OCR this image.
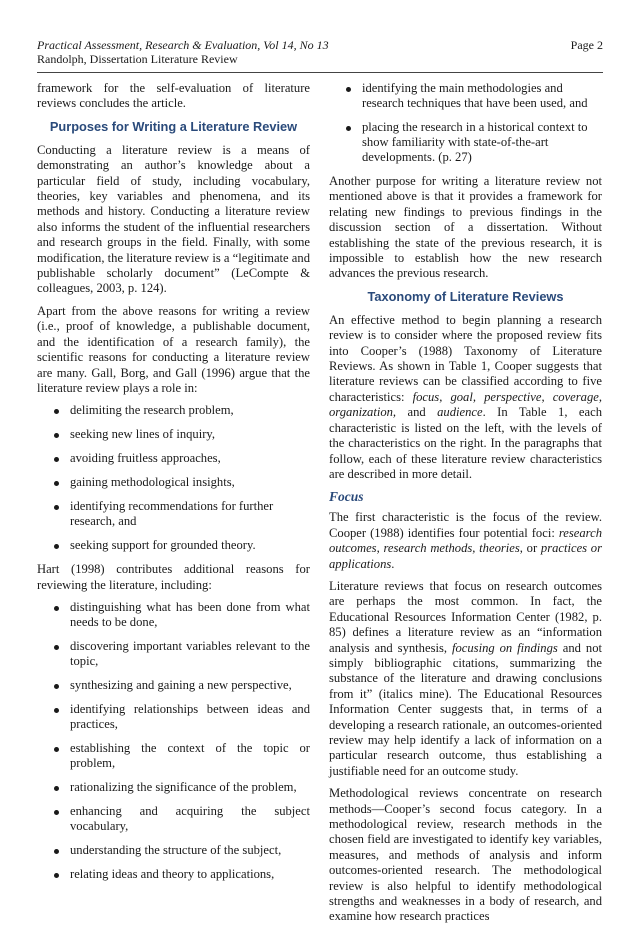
Practical Assessment, Research & Evaluation, Vol 14, No 13	Page 2
Randolph, Dissertation Literature Review

framework for the self-evaluation of literature reviews concludes the article.

Purposes for Writing a Literature Review

Conducting a literature review is a means of demonstrating an author’s knowledge about a particular field of study, including vocabulary, theories, key variables and phenomena, and its methods and history. Conducting a literature review also informs the student of the influential researchers and research groups in the field. Finally, with some modification, the literature review is a “legitimate and publishable scholarly document” (LeCompte & colleagues, 2003, p. 124).

Apart from the above reasons for writing a review (i.e., proof of knowledge, a publishable document, and the identification of a research family), the scientific reasons for conducting a literature review are many. Gall, Borg, and Gall (1996) argue that the literature review plays a role in:

delimiting the research problem,
seeking new lines of inquiry,
avoiding fruitless approaches,
gaining methodological insights,
identifying recommendations for further research, and
seeking support for grounded theory.

Hart (1998) contributes additional reasons for reviewing the literature, including:

distinguishing what has been done from what needs to be done,
discovering important variables relevant to the topic,
synthesizing and gaining a new perspective,
identifying relationships between ideas and practices,
establishing the context of the topic or problem,
rationalizing the significance of the problem,
enhancing and acquiring the subject vocabulary,
understanding the structure of the subject,
relating ideas and theory to applications,
identifying the main methodologies and research techniques that have been used, and
placing the research in a historical context to show familiarity with state-of-the-art developments. (p. 27)

Another purpose for writing a literature review not mentioned above is that it provides a framework for relating new findings to previous findings in the discussion section of a dissertation. Without establishing the state of the previous research, it is impossible to establish how the new research advances the previous research.

Taxonomy of Literature Reviews

An effective method to begin planning a research review is to consider where the proposed review fits into Cooper’s (1988) Taxonomy of Literature Reviews. As shown in Table 1, Cooper suggests that literature reviews can be classified according to five characteristics: focus, goal, perspective, coverage, organization, and audience. In Table 1, each characteristic is listed on the left, with the levels of the characteristics on the right. In the paragraphs that follow, each of these literature review characteristics are described in more detail.

Focus

The first characteristic is the focus of the review. Cooper (1988) identifies four potential foci: research outcomes, research methods, theories, or practices or applications.

Literature reviews that focus on research outcomes are perhaps the most common. In fact, the Educational Resources Information Center (1982, p. 85) defines a literature review as an “information analysis and synthesis, focusing on findings and not simply bibliographic citations, summarizing the substance of the literature and drawing conclusions from it” (italics mine). The Educational Resources Information Center suggests that, in terms of a developing a research rationale, an outcomes-oriented review may help identify a lack of information on a particular research outcome, thus establishing a justifiable need for an outcome study.

Methodological reviews concentrate on research methods—Cooper’s second focus category. In a methodological review, research methods in the chosen field are investigated to identify key variables, measures, and methods of analysis and inform outcomes-oriented research. The methodological review is also helpful to identify methodological strengths and weaknesses in a body of research, and examine how research practices
